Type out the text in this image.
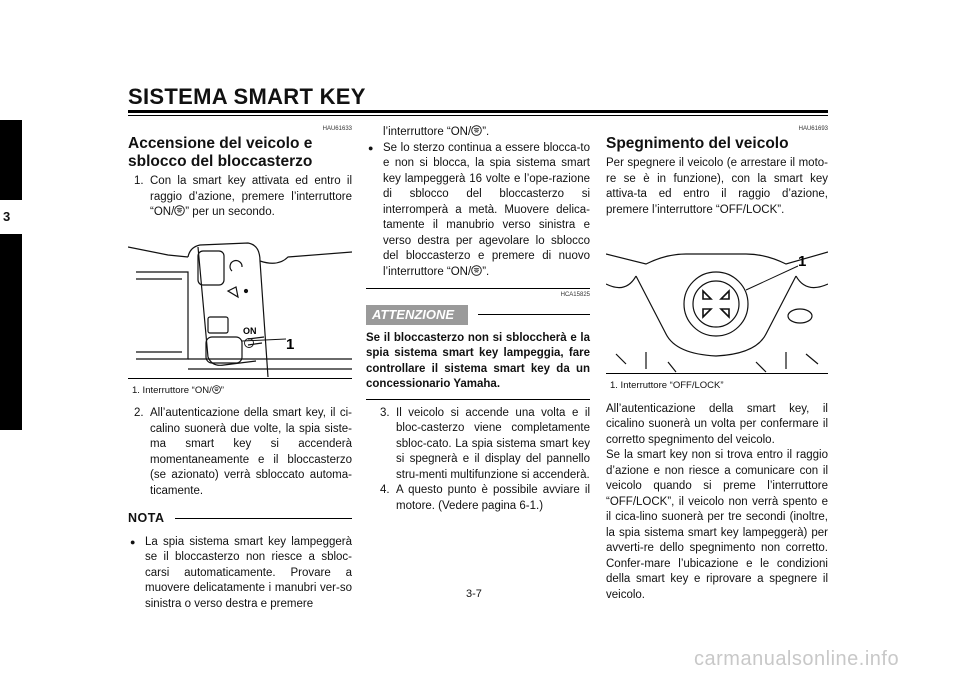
SISTEMA SMART KEY
3
HAU61633
Accensione del veicolo e sblocco del bloccasterzo
1. Con la smart key attivata ed entro il raggio d’azione, premere l’interruttore “ON/ ” per un secondo.
ON
1
1. Interruttore “ON/ ”
2. All’autenticazione della smart key, il ci-calino suonerà due volte, la spia siste-ma smart key si accenderà momentaneamente e il bloccasterzo (se azionato) verrà sbloccato automa-ticamente.
NOTA
● La spia sistema smart key lampeggerà se il bloccasterzo non riesce a sbloc-carsi automaticamente. Provare a muovere delicatamente i manubri ver-so sinistra o verso destra e premere
l’interruttore “ON/ ”.
● Se lo sterzo continua a essere blocca-to e non si blocca, la spia sistema smart key lampeggerà 16 volte e l’ope-razione di sblocco del bloccasterzo si interromperà a metà. Muovere delica-tamente il manubrio verso sinistra e verso destra per agevolare lo sblocco del bloccasterzo e premere di nuovo l’interruttore “ON/ ”.
HCA15825
ATTENZIONE
Se il bloccasterzo non si sbloccherà e la spia sistema smart key lampeggia, fare controllare il sistema smart key da un concessionario Yamaha.
3. Il veicolo si accende una volta e il bloc-casterzo viene completamente sbloc-cato. La spia sistema smart key si spegnerà e il display del pannello stru-menti multifunzione si accenderà.
4. A questo punto è possibile avviare il motore. (Vedere pagina 6-1.)
HAU61693
Spegnimento del veicolo

Per spegnere il veicolo (e arrestare il moto-re se è in funzione), con la smart key attiva-ta ed entro il raggio d’azione, premere l’interruttore “OFF/LOCK”.

1
1. Interruttore “OFF/LOCK”

All’autenticazione della smart key, il cicalino suonerà un volta per confermare il corretto spegnimento del veicolo.

Se la smart key non si trova entro il raggio d’azione e non riesce a comunicare con il veicolo quando si preme l’interruttore “OFF/LOCK”, il veicolo non verrà spento e il cica-lino suonerà per tre secondi (inoltre, la spia sistema smart key lampeggerà) per avverti-re dello spegnimento non corretto. Confer-mare l’ubicazione e le condizioni della smart key e riprovare a spegnere il veicolo.

3-7
carmanualsonline.info
